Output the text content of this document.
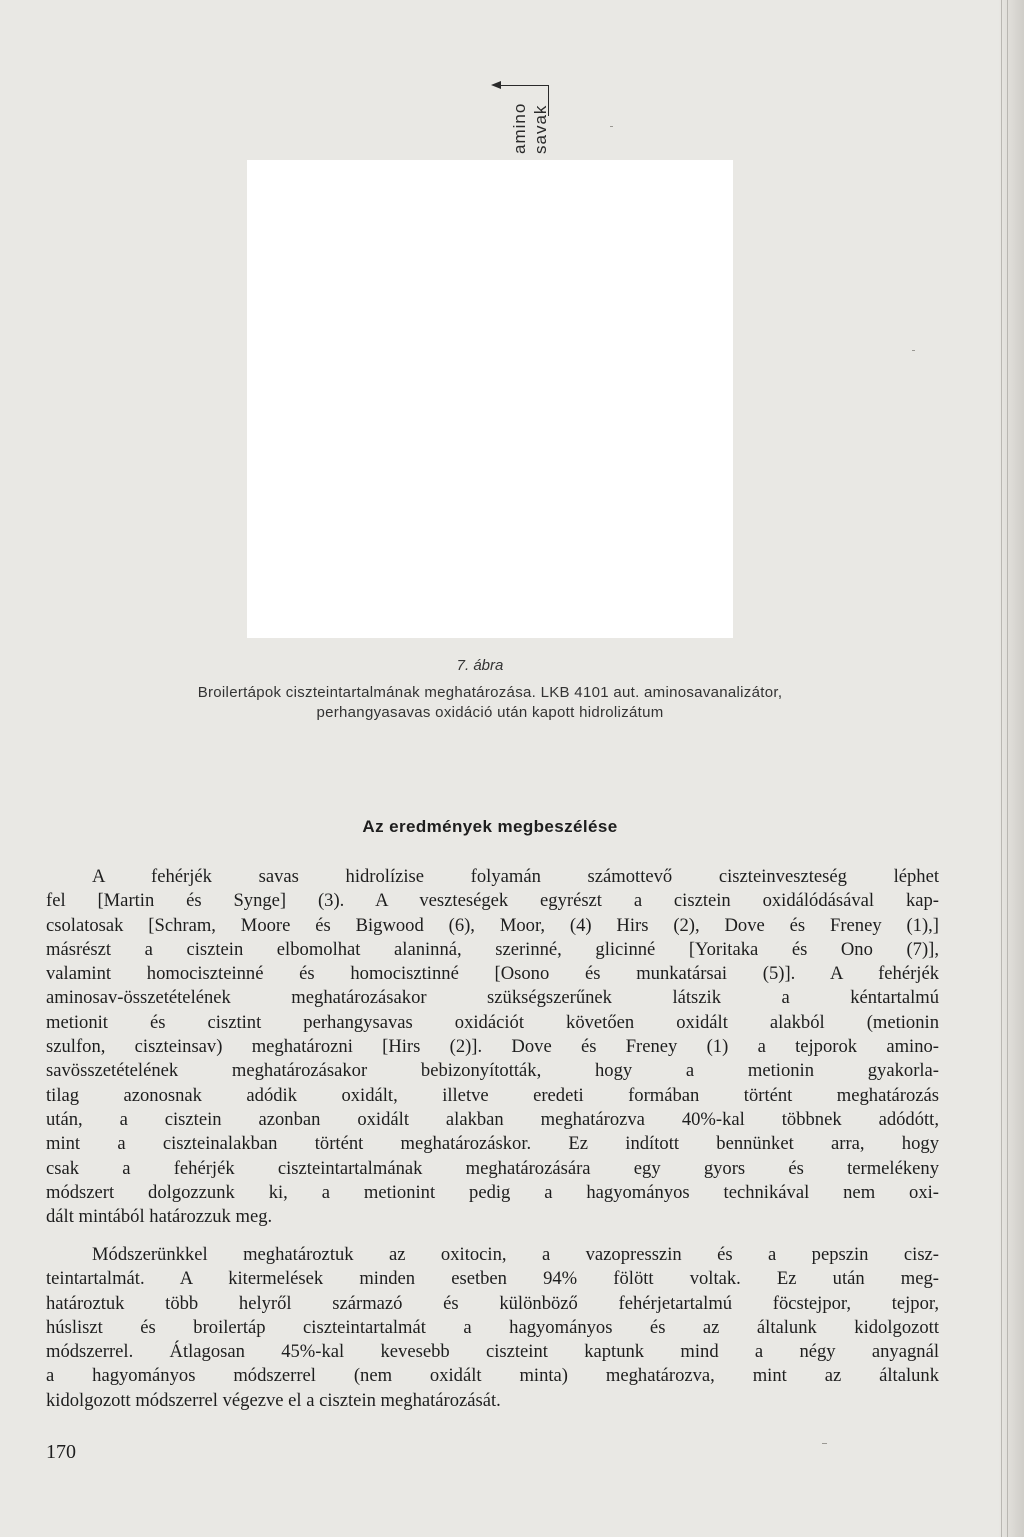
amino savak
7. ábra
Broilertápok ciszteintartalmának meghatározása. LKB 4101 aut. aminosavanalizátor,
perhangyasavas oxidáció után kapott hidrolizátum
Az eredmények megbeszélése
A fehérjék savas hidrolízise folyamán számottevő ciszteinveszteség léphet
fel [Martin és Synge] (3). A veszteségek egyrészt a cisztein oxidálódásával kap-
csolatosak [Schram, Moore és Bigwood (6), Moor, (4) Hirs (2), Dove és Freney (1),]
másrészt a cisztein elbomolhat alaninná, szerinné, glicinné [Yoritaka és Ono (7)],
valamint homociszteinné és homocisztinné [Osono és munkatársai (5)]. A fehérjék
aminosav-összetételének meghatározásakor szükségszerűnek látszik a kéntartalmú
metionit és cisztint perhangysavas oxidációt követően oxidált alakból (metionin
szulfon, ciszteinsav) meghatározni [Hirs (2)]. Dove és Freney (1) a tejporok amino-
savösszetételének meghatározásakor bebizonyították, hogy a metionin gyakorla-
tilag azonosnak adódik oxidált, illetve eredeti formában történt meghatározás
után, a cisztein azonban oxidált alakban meghatározva 40%-kal többnek adódótt,
mint a ciszteinalakban történt meghatározáskor. Ez indított bennünket arra, hogy
csak a fehérjék ciszteintartalmának meghatározására egy gyors és termelékeny
módszert dolgozzunk ki, a metionint pedig a hagyományos technikával nem oxi-
dált mintából határozzuk meg.
Módszerünkkel meghatároztuk az oxitocin, a vazopresszin és a pepszin cisz-
teintartalmát. A kitermelések minden esetben 94% fölött voltak. Ez után meg-
határoztuk több helyről származó és különböző fehérjetartalmú föcstejpor, tejpor,
húsliszt és broilertáp ciszteintartalmát a hagyományos és az általunk kidolgozott
módszerrel. Átlagosan 45%-kal kevesebb ciszteint kaptunk mind a négy anyagnál
a hagyományos módszerrel (nem oxidált minta) meghatározva, mint az általunk
kidolgozott módszerrel végezve el a cisztein meghatározását.
170
